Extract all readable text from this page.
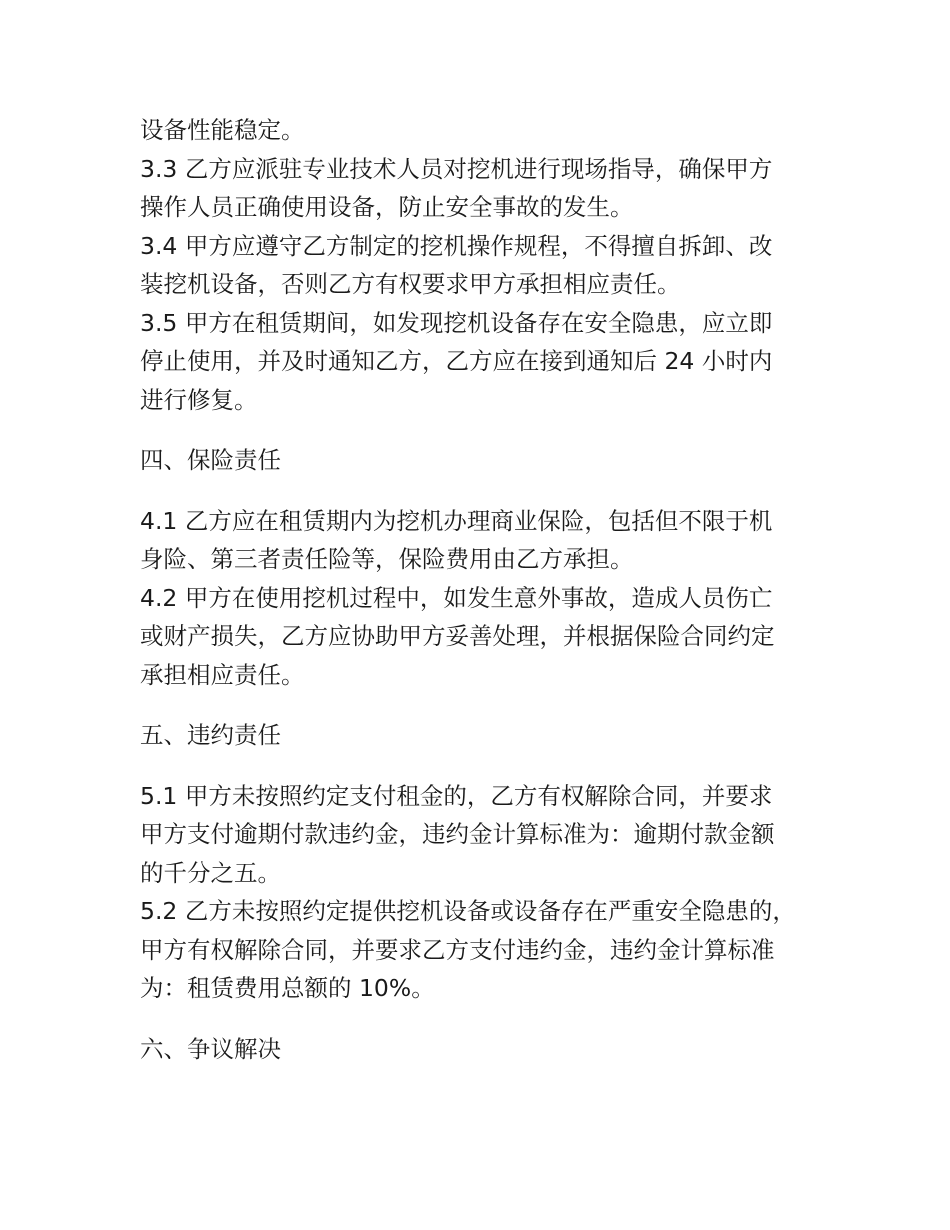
设备性能稳定。
3.3 乙方应派驻专业技术人员对挖机进行现场指导，确保甲方
操作人员正确使用设备，防止安全事故的发生。
3.4 甲方应遵守乙方制定的挖机操作规程，不得擅自拆卸、改
装挖机设备，否则乙方有权要求甲方承担相应责任。
3.5 甲方在租赁期间，如发现挖机设备存在安全隐患，应立即
停止使用，并及时通知乙方，乙方应在接到通知后 24 小时内
进行修复。
四、保险责任
4.1 乙方应在租赁期内为挖机办理商业保险，包括但不限于机
身险、第三者责任险等，保险费用由乙方承担。
4.2 甲方在使用挖机过程中，如发生意外事故，造成人员伤亡
或财产损失，乙方应协助甲方妥善处理，并根据保险合同约定
承担相应责任。
五、违约责任
5.1 甲方未按照约定支付租金的，乙方有权解除合同，并要求
甲方支付逾期付款违约金，违约金计算标准为：逾期付款金额
的千分之五。
5.2 乙方未按照约定提供挖机设备或设备存在严重安全隐患的，
甲方有权解除合同，并要求乙方支付违约金，违约金计算标准
为：租赁费用总额的 10%。
六、争议解决
